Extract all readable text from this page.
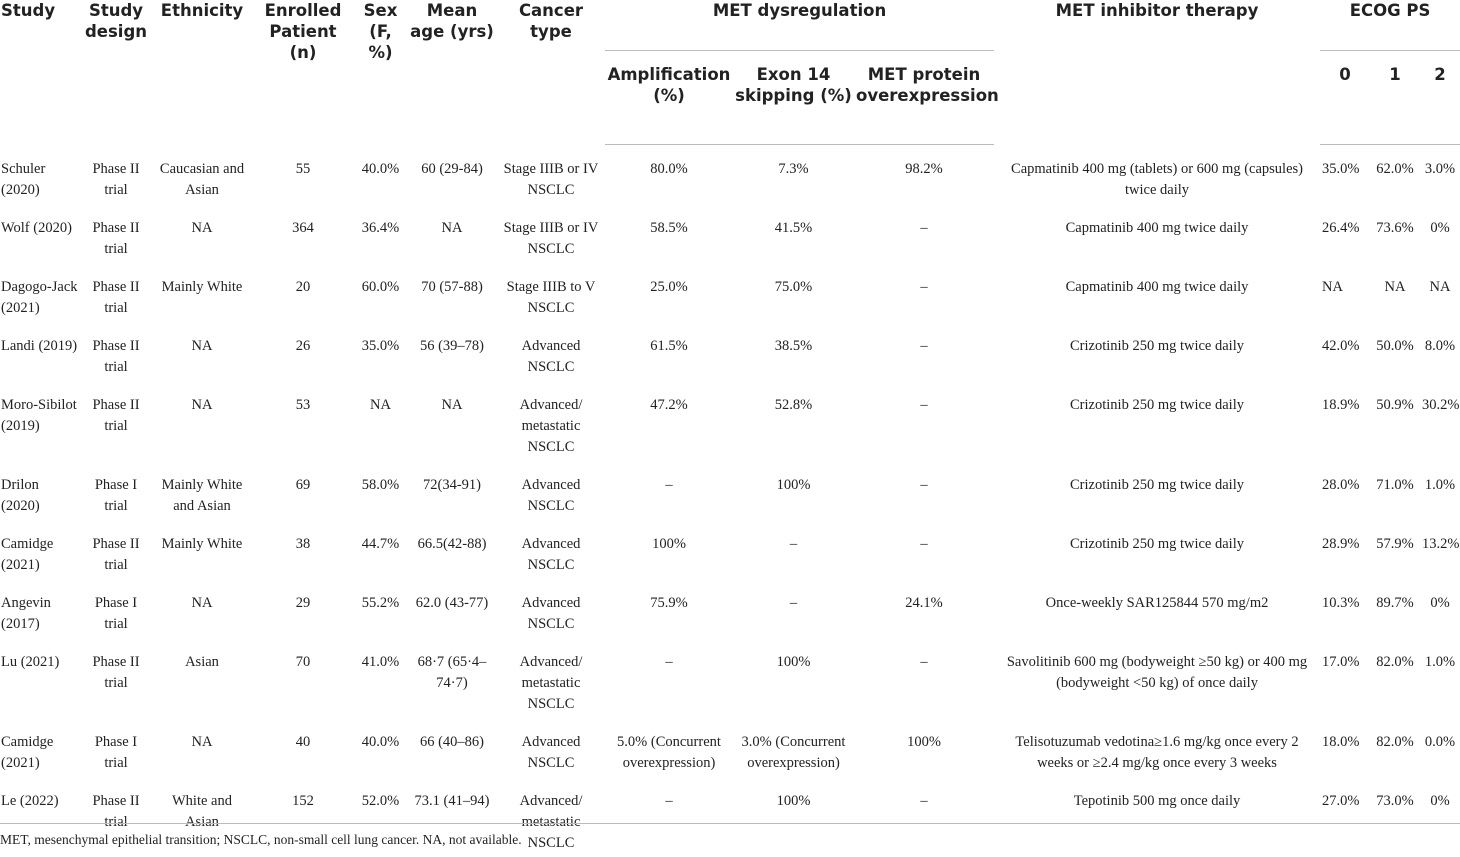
Study	Study design	Ethnicity	Enrolled Patient (n)	Sex (F, %)	Mean age (yrs)	Cancer type	MET dysregulation			MET inhibitor therapy	ECOG PS		
							Amplification (%)	Exon 14 skipping (%)	MET protein overexpression		0	1	2
Schuler (2020)	Phase II trial	Caucasian and Asian	55	40.0%	60 (29-84)	Stage IIIB or IV NSCLC	80.0%	7.3%	98.2%	Capmatinib 400 mg (tablets) or 600 mg (capsules) twice daily	35.0%	62.0%	3.0%
Wolf (2020)	Phase II trial	NA	364	36.4%	NA	Stage IIIB or IV NSCLC	58.5%	41.5%	–	Capmatinib 400 mg twice daily	26.4%	73.6%	0%
Dagogo-Jack (2021)	Phase II trial	Mainly White	20	60.0%	70 (57-88)	Stage IIIB to V NSCLC	25.0%	75.0%	–	Capmatinib 400 mg twice daily	NA	NA	NA
Landi (2019)	Phase II trial	NA	26	35.0%	56 (39–78)	Advanced NSCLC	61.5%	38.5%	–	Crizotinib 250 mg twice daily	42.0%	50.0%	8.0%
Moro-Sibilot (2019)	Phase II trial	NA	53	NA	NA	Advanced/ metastatic NSCLC	47.2%	52.8%	–	Crizotinib 250 mg twice daily	18.9%	50.9%	30.2%
Drilon (2020)	Phase I trial	Mainly White and Asian	69	58.0%	72(34-91)	Advanced NSCLC	–	100%	–	Crizotinib 250 mg twice daily	28.0%	71.0%	1.0%
Camidge (2021)	Phase II trial	Mainly White	38	44.7%	66.5(42-88)	Advanced NSCLC	100%	–	–	Crizotinib 250 mg twice daily	28.9%	57.9%	13.2%
Angevin (2017)	Phase I trial	NA	29	55.2%	62.0 (43-77)	Advanced NSCLC	75.9%	–	24.1%	Once-weekly SAR125844 570 mg/m2	10.3%	89.7%	0%
Lu (2021)	Phase II trial	Asian	70	41.0%	68·7 (65·4–74·7)	Advanced/ metastatic NSCLC	–	100%	–	Savolitinib 600 mg (bodyweight ≥50 kg) or 400 mg (bodyweight <50 kg) of once daily	17.0%	82.0%	1.0%
Camidge (2021)	Phase I trial	NA	40	40.0%	66 (40–86)	Advanced NSCLC	5.0% (Concurrent overexpression)	3.0% (Concurrent overexpression)	100%	Telisotuzumab vedotina≥1.6 mg/kg once every 2 weeks or ≥2.4 mg/kg once every 3 weeks	18.0%	82.0%	0.0%
Le (2022)	Phase II trial	White and Asian	152	52.0%	73.1 (41–94)	Advanced/ metastatic NSCLC	–	100%	–	Tepotinib 500 mg once daily	27.0%	73.0%	0%
MET, mesenchymal epithelial transition; NSCLC, non-small cell lung cancer. NA, not available.
